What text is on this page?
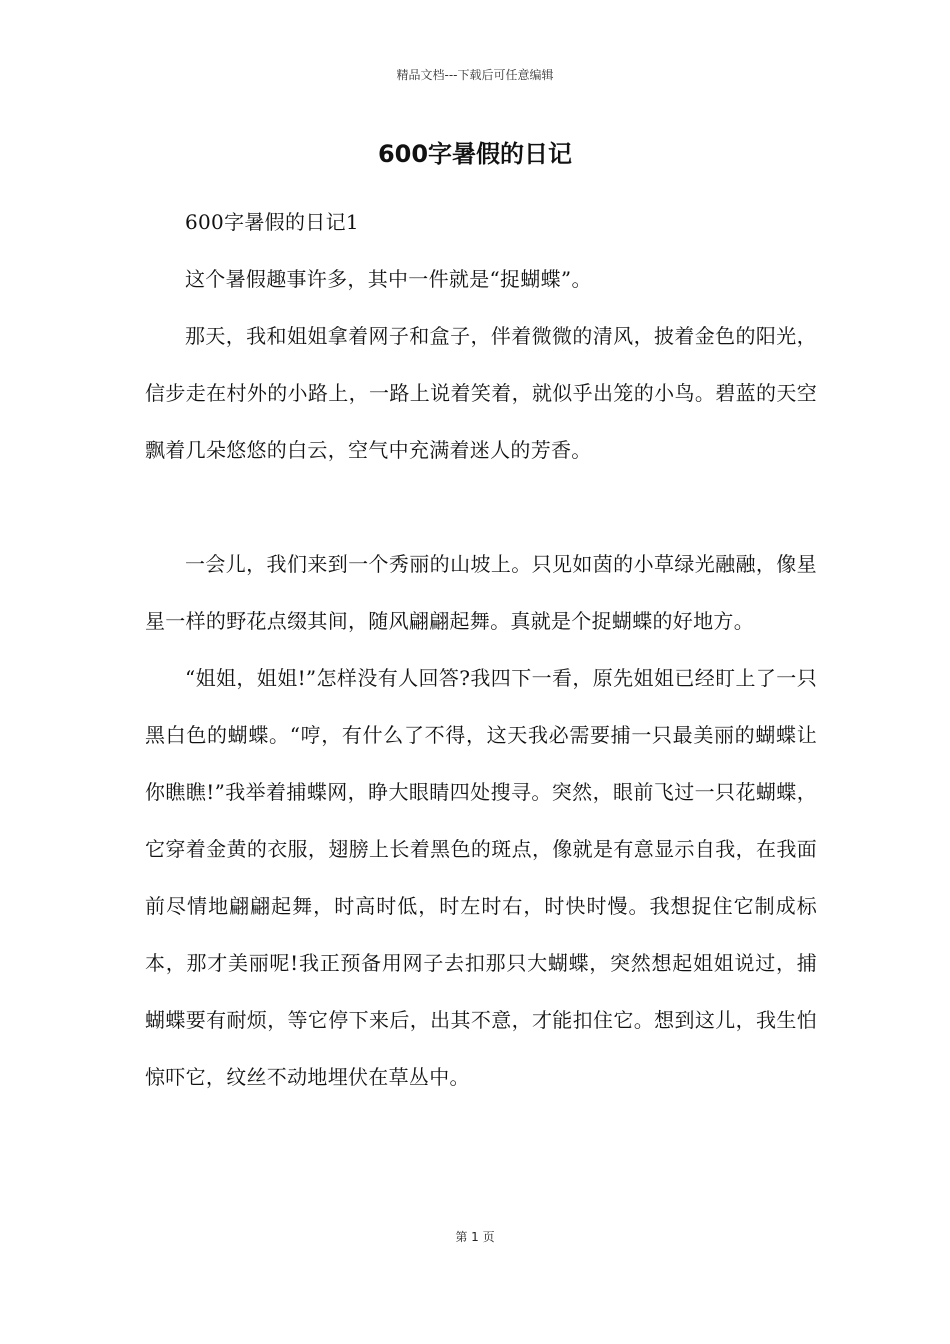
精品文档---下载后可任意编辑
600字暑假的日记

600字暑假的日记1

这个暑假趣事许多，其中一件就是“捉蝴蝶”。

那天，我和姐姐拿着网子和盒子，伴着微微的清风，披着金色的阳光，信步走在村外的小路上，一路上说着笑着，就似乎出笼的小鸟。碧蓝的天空飘着几朵悠悠的白云，空气中充满着迷人的芳香。

一会儿，我们来到一个秀丽的山坡上。只见如茵的小草绿光融融，像星星一样的野花点缀其间，随风翩翩起舞。真就是个捉蝴蝶的好地方。

“姐姐，姐姐!”怎样没有人回答?我四下一看，原先姐姐已经盯上了一只黑白色的蝴蝶。“哼，有什么了不得，这天我必需要捕一只最美丽的蝴蝶让你瞧瞧!”我举着捕蝶网，睁大眼睛四处搜寻。突然，眼前飞过一只花蝴蝶，它穿着金黄的衣服，翅膀上长着黑色的斑点，像就是有意显示自我，在我面前尽情地翩翩起舞，时高时低，时左时右，时快时慢。我想捉住它制成标本，那才美丽呢!我正预备用网子去扣那只大蝴蝶，突然想起姐姐说过，捕蝴蝶要有耐烦，等它停下来后，出其不意，才能扣住它。想到这儿，我生怕惊吓它，纹丝不动地埋伏在草丛中。

第 1 页
